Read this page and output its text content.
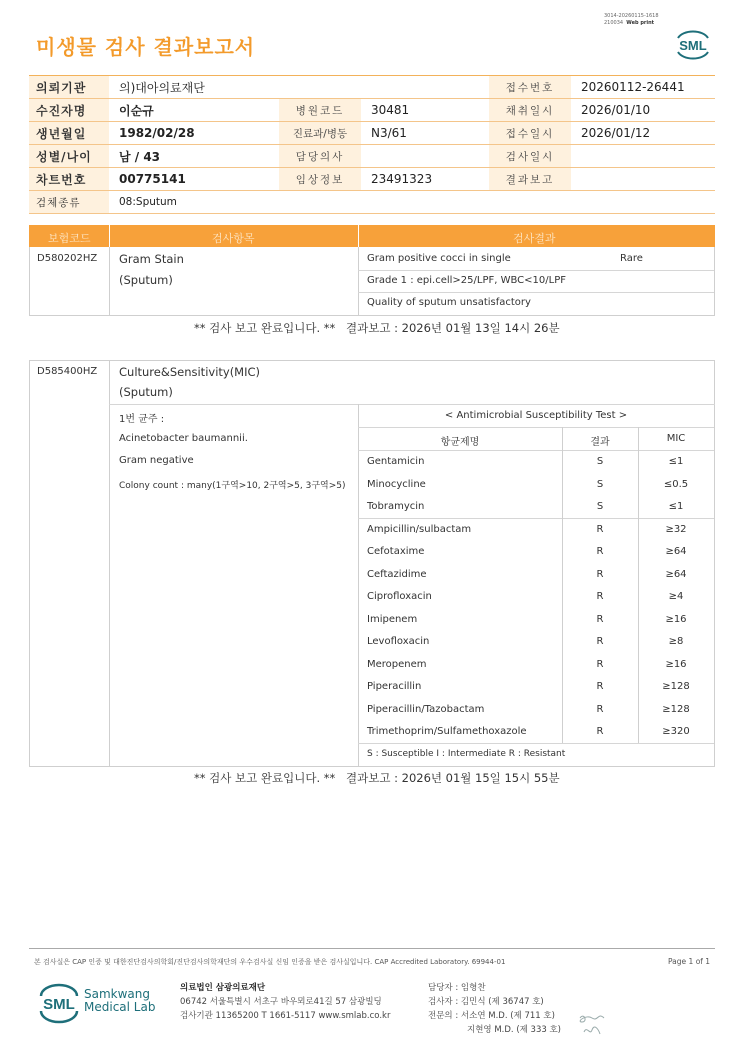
미생물 검사 결과보고서
3014-20260115-1618
210034 Web print
SML
의뢰기관	의)대아의료재단			접수번호	20260112-26441
수진자명	이순규	병원코드	30481	채취일시	2026/01/10
생년월일	1982/02/28	진료과/병동	N3/61	접수일시	2026/01/12
성별/나이	남 / 43	담당의사		검사일시	
차트번호	00775141	임상정보	23491323	결과보고	
검체종류	08:Sputum				
보험코드	검사항목	검사결과
D580202HZ Gram Stain
(Sputum)
Gram positive cocci in single	Rare
Grade 1 : epi.cell>25/LPF, WBC<10/LPF
Quality of sputum unsatisfactory
** 검사 보고 완료입니다. ** 결과보고 : 2026년 01월 13일 14시 26분
D585400HZ Culture&Sensitivity(MIC)
(Sputum)
1번 균주 :
Acinetobacter baumannii.
Gram negative
Colony count : many(1구역>10, 2구역>5, 3구역>5)
< Antimicrobial Susceptibility Test >
항균제명	결과	MIC
Gentamicin	S	≤1
Minocycline	S	≤0.5
Tobramycin	S	≤1
Ampicillin/sulbactam	R	≥32
Cefotaxime	R	≥64
Ceftazidime	R	≥64
Ciprofloxacin	R	≥4
Imipenem	R	≥16
Levofloxacin	R	≥8
Meropenem	R	≥16
Piperacillin	R	≥128
Piperacillin/Tazobactam	R	≥128
Trimethoprim/Sulfamethoxazole	R	≥320
S : Susceptible I : Intermediate R : Resistant
** 검사 보고 완료입니다. ** 결과보고 : 2026년 01월 15일 15시 55분
본 검사실은 CAP 인증 및 대한진단검사의학회/진단검사의학재단의 우수검사실 신임 인증을 받은 검사실입니다. CAP Accredited Laboratory. 69944-01	Page 1 of 1
SML
Samkwang
Medical Lab
의료법인 삼광의료재단
06742 서울특별시 서초구 바우뫼로41길 57 삼광빌딩
검사기관 11365200 T 1661-5117 www.smlab.co.kr
담당자 : 임형찬
검사자 : 김민식 (제 36747 호)
전문의 : 서소연 M.D. (제 711 호)
지현영 M.D. (제 333 호)
